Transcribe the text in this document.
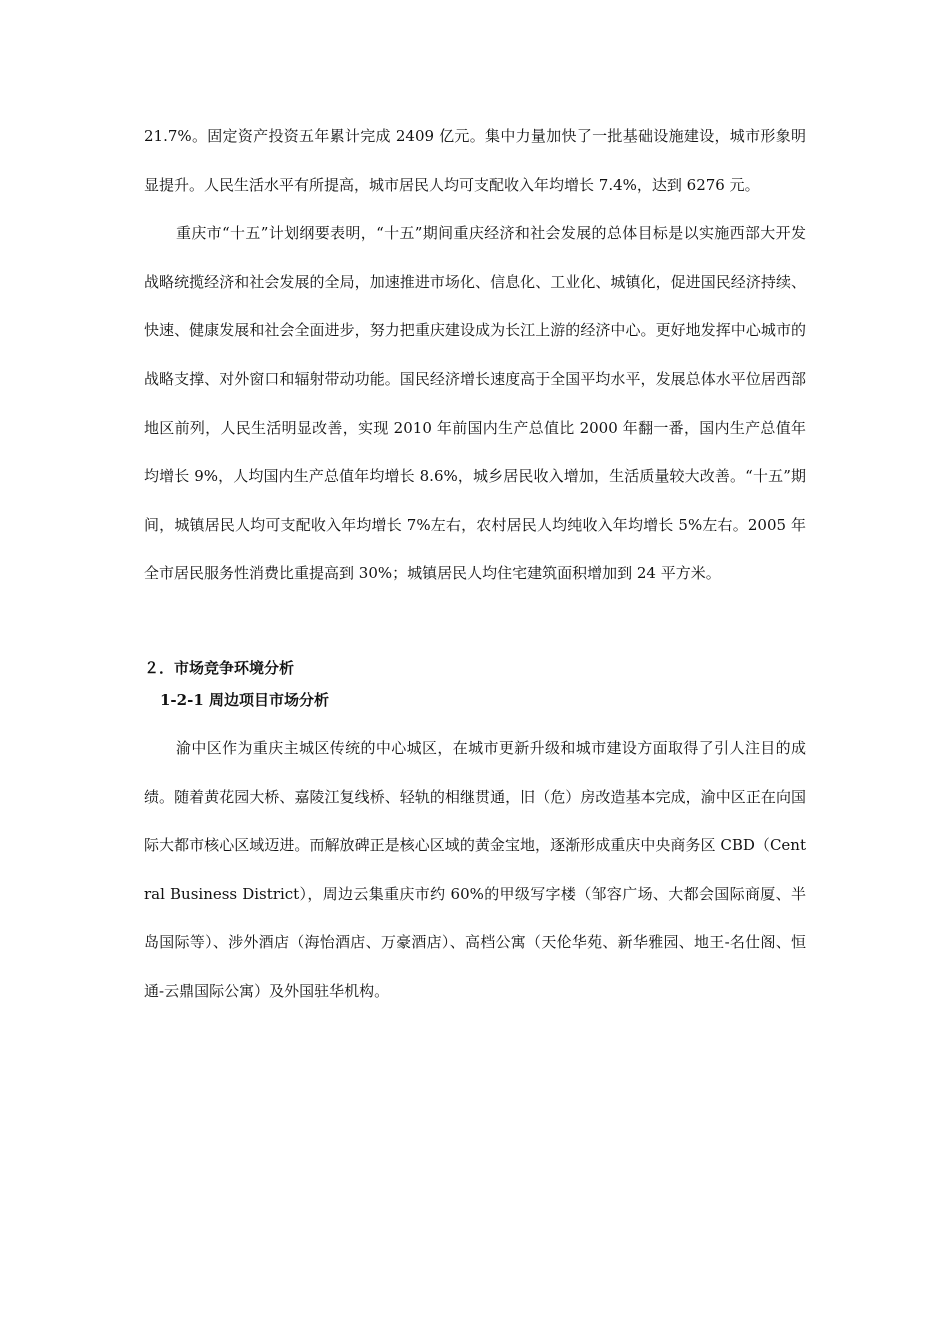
21.7%。固定资产投资五年累计完成 2409 亿元。集中力量加快了一批基础设施建设，城市形象明显提升。人民生活水平有所提高，城市居民人均可支配收入年均增长 7.4%，达到 6276 元。

重庆市“十五”计划纲要表明，“十五”期间重庆经济和社会发展的总体目标是以实施西部大开发战略统揽经济和社会发展的全局，加速推进市场化、信息化、工业化、城镇化，促进国民经济持续、快速、健康发展和社会全面进步，努力把重庆建设成为长江上游的经济中心。更好地发挥中心城市的战略支撑、对外窗口和辐射带动功能。国民经济增长速度高于全国平均水平，发展总体水平位居西部地区前列，人民生活明显改善，实现 2010 年前国内生产总值比 2000 年翻一番，国内生产总值年均增长 9%，人均国内生产总值年均增长 8.6%，城乡居民收入增加，生活质量较大改善。“十五”期间，城镇居民人均可支配收入年均增长 7%左右，农村居民人均纯收入年均增长 5%左右。2005 年全市居民服务性消费比重提高到 30%；城镇居民人均住宅建筑面积增加到 24 平方米。

２．市场竞争环境分析
1-2-1 周边项目市场分析

渝中区作为重庆主城区传统的中心城区，在城市更新升级和城市建设方面取得了引人注目的成绩。随着黄花园大桥、嘉陵江复线桥、轻轨的相继贯通，旧（危）房改造基本完成，渝中区正在向国际大都市核心区域迈进。而解放碑正是核心区域的黄金宝地，逐渐形成重庆中央商务区 CBD（Central Business District），周边云集重庆市约 60%的甲级写字楼（邹容广场、大都会国际商厦、半岛国际等）、涉外酒店（海怡酒店、万豪酒店）、高档公寓（天伦华苑、新华雅园、地王-名仕阁、恒通-云鼎国际公寓）及外国驻华机构。
